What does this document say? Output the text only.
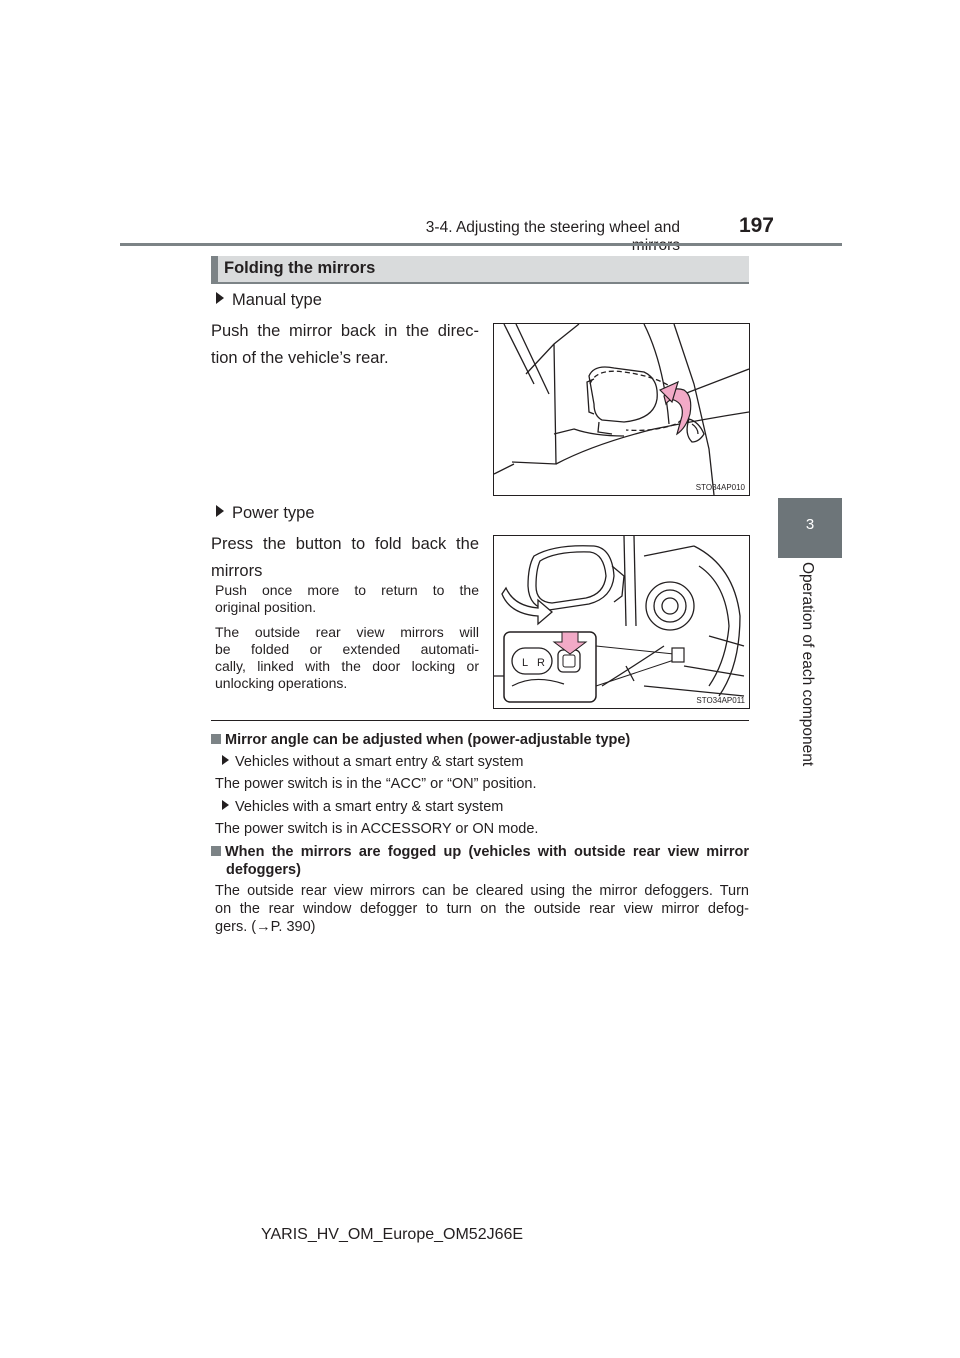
3-4. Adjusting the steering wheel and	197
3
Operation of each component
Folding the mirrors
Manual type
Push the mirror back in the direc-
tion of the vehicle’s rear.
STO34AP010
Power type
Press the button to fold back the
mirrors
Push once more to return to the
original position.
The outside rear view mirrors will
be folded or extended automati-
cally, linked with the door locking or
unlocking operations.
L R
STO34AP011
Mirror angle can be adjusted when (power-adjustable type)
Vehicles without a smart entry & start system
The power switch is in the “ACC” or “ON” position.
Vehicles with a smart entry & start system
The power switch is in ACCESSORY or ON mode.
When the mirrors are fogged up (vehicles with outside rear view mirror
defoggers)
The outside rear view mirrors can be cleared using the mirror defoggers. Turn
on the rear window defogger to turn on the outside rear view mirror defog-
gers. (→P. 390)
YARIS_HV_OM_Europe_OM52J66E
